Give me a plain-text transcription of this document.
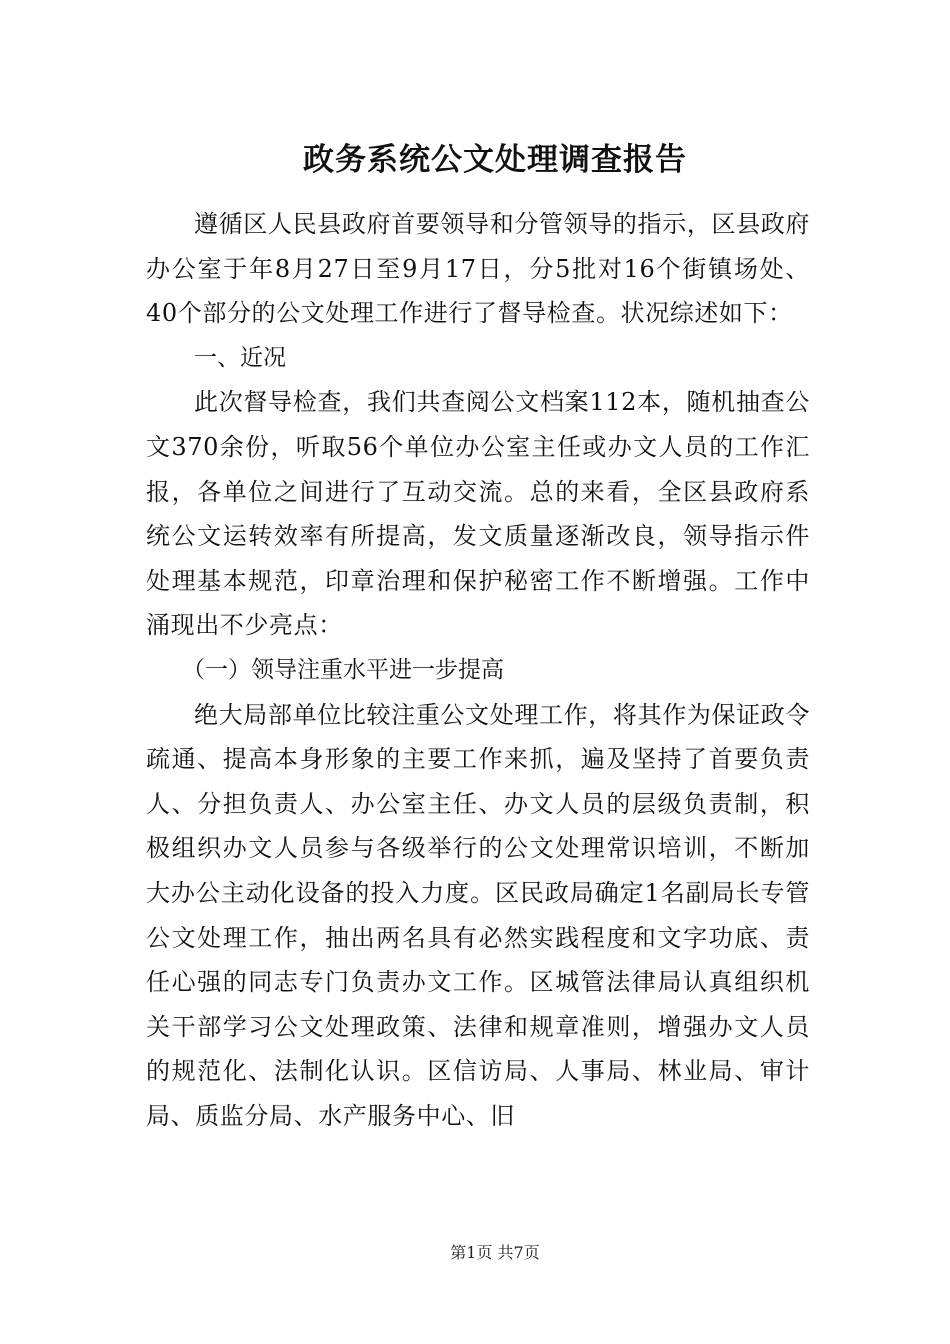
政务系统公文处理调查报告

遵循区人民县政府首要领导和分管领导的指示，区县政府办公室于年8月27日至9月17日，分5批对16个街镇场处、40个部分的公文处理工作进行了督导检查。状况综述如下：

一、近况

此次督导检查，我们共查阅公文档案112本，随机抽查公文370余份，听取56个单位办公室主任或办文人员的工作汇报，各单位之间进行了互动交流。总的来看，全区县政府系统公文运转效率有所提高，发文质量逐渐改良，领导指示件处理基本规范，印章治理和保护秘密工作不断增强。工作中涌现出不少亮点：

（一）领导注重水平进一步提高

绝大局部单位比较注重公文处理工作，将其作为保证政令疏通、提高本身形象的主要工作来抓，遍及坚持了首要负责人、分担负责人、办公室主任、办文人员的层级负责制，积极组织办文人员参与各级举行的公文处理常识培训，不断加大办公主动化设备的投入力度。区民政局确定1名副局长专管公文处理工作，抽出两名具有必然实践程度和文字功底、责任心强的同志专门负责办文工作。区城管法律局认真组织机关干部学习公文处理政策、法律和规章准则，增强办文人员的规范化、法制化认识。区信访局、人事局、林业局、审计局、质监分局、水产服务中心、旧

第1页 共7页
